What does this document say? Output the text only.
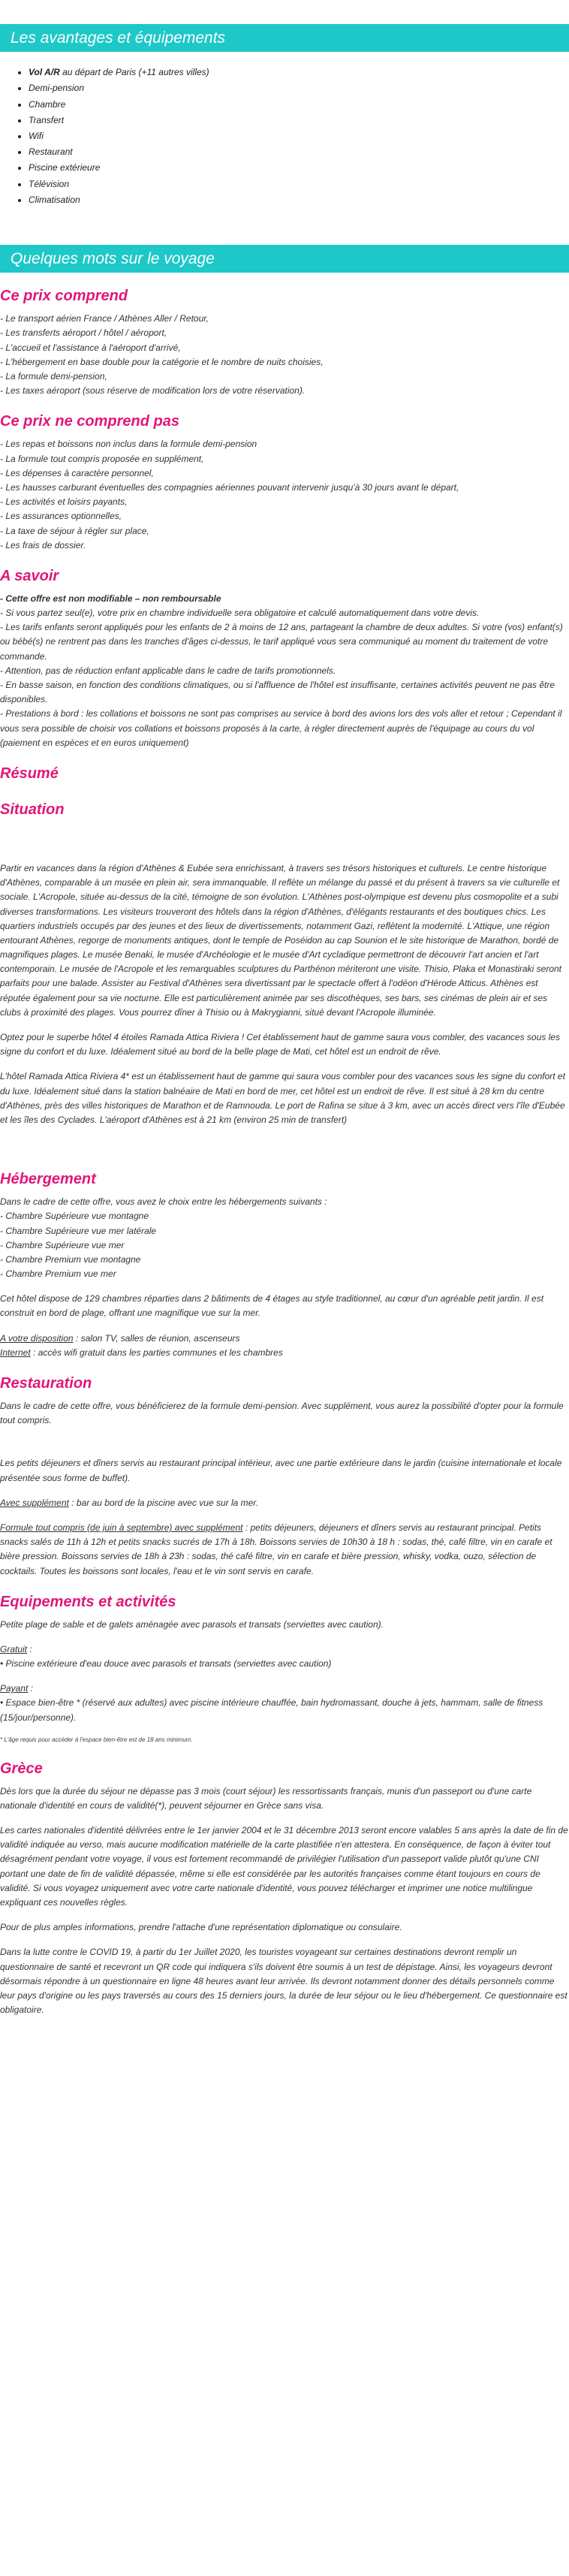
Les avantages et équipements
• Vol A/R au départ de Paris (+11 autres villes)
• Demi-pension
• Chambre
• Transfert
• Wifi
• Restaurant
• Piscine extérieure
• Télévision
• Climatisation
Quelques mots sur le voyage
Ce prix comprend
- Le transport aérien France / Athènes Aller / Retour,
- Les transferts aéroport / hôtel / aéroport,
- L'accueil et l'assistance à l'aéroport d'arrivé,
- L'hébergement en base double pour la catégorie et le nombre de nuits choisies,
- La formule demi-pension,
- Les taxes aéroport (sous réserve de modification lors de votre réservation).
Ce prix ne comprend pas
- Les repas et boissons non inclus dans la formule demi-pension
- La formule tout compris proposée en supplément,
- Les dépenses à caractère personnel,
- Les hausses carburant éventuelles des compagnies aériennes pouvant intervenir jusqu'à 30 jours avant le départ,
- Les activités et loisirs payants,
- Les assurances optionnelles,
- La taxe de séjour à régler sur place,
- Les frais de dossier.
A savoir
- Cette offre est non modifiable – non remboursable
- Si vous partez seul(e), votre prix en chambre individuelle sera obligatoire et calculé automatiquement dans votre devis.
- Les tarifs enfants seront appliqués pour les enfants de 2 à moins de 12 ans, partageant la chambre de deux adultes. Si votre (vos) enfant(s) ou bébé(s) ne rentrent pas dans les tranches d'âges ci-dessus, le tarif appliqué vous sera communiqué au moment du traitement de votre commande.
- Attention, pas de réduction enfant applicable dans le cadre de tarifs promotionnels.
- En basse saison, en fonction des conditions climatiques, ou si l'affluence de l'hôtel est insuffisante, certaines activités peuvent ne pas être disponibles.
- Prestations à bord : les collations et boissons ne sont pas comprises au service à bord des avions lors des vols aller et retour ; Cependant il vous sera possible de choisir vos collations et boissons proposés à la carte, à régler directement auprès de l'équipage au cours du vol (paiement en espèces et en euros uniquement)
Résumé
Situation
Partir en vacances dans la région d'Athènes & Eubée sera enrichissant, à travers ses trésors historiques et culturels. Le centre historique d'Athènes, comparable à un musée en plein air, sera immanquable. Il reflète un mélange du passé et du présent à travers sa vie culturelle et sociale. L'Acropole, située au-dessus de la cité, témoigne de son évolution. L'Athènes post-olympique est devenu plus cosmopolite et a subi diverses transformations. Les visiteurs trouveront des hôtels dans la région d'Athènes, d'élégants restaurants et des boutiques chics. Les quartiers industriels occupés par des jeunes et des lieux de divertissements, notamment Gazi, reflètent la modernité. L'Attique, une région entourant Athènes, regorge de monuments antiques, dont le temple de Poséidon au cap Sounion et le site historique de Marathon, bordé de magnifiques plages. Le musée Benaki, le musée d'Archéologie et le musée d'Art cycladique permettront de découvrir l'art ancien et l'art contemporain. Le musée de l'Acropole et les remarquables sculptures du Parthénon mériteront une visite. Thisio, Plaka et Monastiraki seront parfaits pour une balade. Assister au Festival d'Athènes sera divertissant par le spectacle offert à l'odéon d'Hérode Atticus. Athènes est réputée également pour sa vie nocturne. Elle est particulièrement animée par ses discothèques, ses bars, ses cinémas de plein air et ses clubs à proximité des plages. Vous pourrez dîner à Thisio ou à Makrygianni, situé devant l'Acropole illuminée.
Optez pour le superbe hôtel 4 étoiles Ramada Attica Riviera ! Cet établissement haut de gamme saura vous combler, des vacances sous les signe du confort et du luxe. Idéalement situé au bord de la belle plage de Mati, cet hôtel est un endroit de rêve.
L'hôtel Ramada Attica Riviera 4* est un établissement haut de gamme qui saura vous combler pour des vacances sous les signe du confort et du luxe. Idéalement situé dans la station balnéaire de Mati en bord de mer, cet hôtel est un endroit de rêve. Il est situé à 28 km du centre d'Athènes, près des villes historiques de Marathon et de Ramnouda. Le port de Rafina se situe à 3 km, avec un accès direct vers l'île d'Eubée et les îles des Cyclades. L'aéroport d'Athènes est à 21 km (environ 25 min de transfert)
Hébergement
Dans le cadre de cette offre, vous avez le choix entre les hébergements suivants :
- Chambre Supérieure vue montagne
- Chambre Supérieure vue mer latérale
- Chambre Supérieure vue mer
- Chambre Premium vue montagne
- Chambre Premium vue mer
Cet hôtel dispose de 129 chambres réparties dans 2 bâtiments de 4 étages au style traditionnel, au cœur d'un agréable petit jardin. Il est construit en bord de plage, offrant une magnifique vue sur la mer.
A votre disposition : salon TV, salles de réunion, ascenseurs
Internet : accès wifi gratuit dans les parties communes et les chambres
Restauration
Dans le cadre de cette offre, vous bénéficierez de la formule demi-pension. Avec supplément, vous aurez la possibilité d'opter pour la formule tout compris.
Les petits déjeuners et dîners servis au restaurant principal intérieur, avec une partie extérieure dans le jardin (cuisine internationale et locale présentée sous forme de buffet).
Avec supplément : bar au bord de la piscine avec vue sur la mer.
Formule tout compris (de juin à septembre) avec supplément : petits déjeuners, déjeuners et dîners servis au restaurant principal. Petits snacks salés de 11h à 12h et petits snacks sucrés de 17h à 18h. Boissons servies de 10h30 à 18 h : sodas, thé, café filtre, vin en carafe et bière pression. Boissons servies de 18h à 23h : sodas, thé café filtre, vin en carafe et bière pression, whisky, vodka, ouzo, sélection de cocktails. Toutes les boissons sont locales, l'eau et le vin sont servis en carafe.
Equipements et activités
Petite plage de sable et de galets aménagée avec parasols et transats (serviettes avec caution).
Gratuit :
• Piscine extérieure d'eau douce avec parasols et transats (serviettes avec caution)
Payant :
• Espace bien-être * (réservé aux adultes) avec piscine intérieure chauffée, bain hydromassant, douche à jets, hammam, salle de fitness (15/jour/personne).
* L'âge requis pour accéder à l'espace bien-être est de 18 ans minimum.
Grèce
Dès lors que la durée du séjour ne dépasse pas 3 mois (court séjour) les ressortissants français, munis d'un passeport ou d'une carte nationale d'identité en cours de validité(*), peuvent séjourner en Grèce sans visa.
Les cartes nationales d'identité délivrées entre le 1er janvier 2004 et le 31 décembre 2013 seront encore valables 5 ans après la date de fin de validité indiquée au verso, mais aucune modification matérielle de la carte plastifiée n'en attestera. En conséquence, de façon à éviter tout désagrément pendant votre voyage, il vous est fortement recommandé de privilégier l'utilisation d'un passeport valide plutôt qu'une CNI portant une date de fin de validité dépassée, même si elle est considérée par les autorités françaises comme étant toujours en cours de validité. Si vous voyagez uniquement avec votre carte nationale d'identité, vous pouvez télécharger et imprimer une notice multilingue expliquant ces nouvelles règles.
Pour de plus amples informations, prendre l'attache d'une représentation diplomatique ou consulaire.
Dans la lutte contre le COVID 19, à partir du 1er Juillet 2020, les touristes voyageant sur certaines destinations devront remplir un questionnaire de santé et recevront un QR code qui indiquera s'ils doivent être soumis à un test de dépistage. Ainsi, les voyageurs devront désormais répondre à un questionnaire en ligne 48 heures avant leur arrivée. Ils devront notamment donner des détails personnels comme leur pays d'origine ou les pays traversés au cours des 15 derniers jours, la durée de leur séjour ou le lieu d'hébergement. Ce questionnaire est obligatoire.
